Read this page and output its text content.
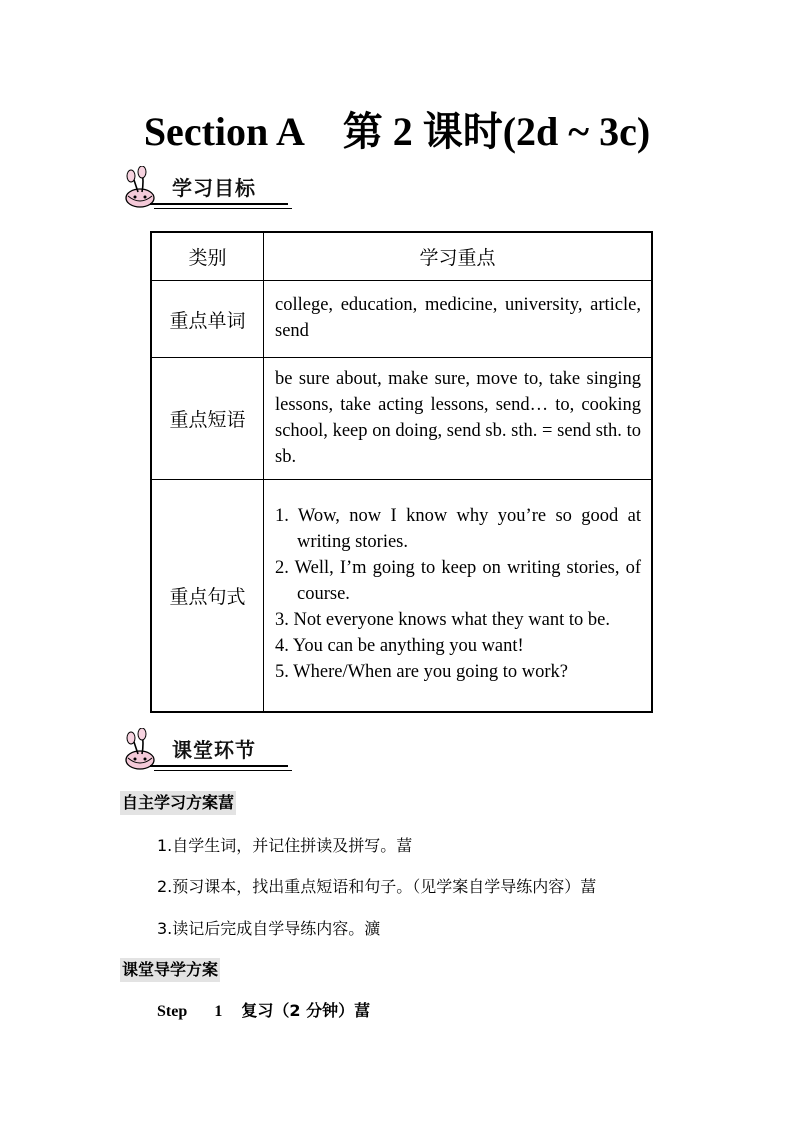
Section A    第 2 课时(2d ~ 3c)
学习目标
类别	学习重点
重点单词	college, education, medicine, university, article, send
重点短语	be sure about, make sure, move to, take singing lessons, take acting lessons, send… to, cooking school, keep on doing, send sb. sth. = send sth. to sb.
重点句式	1. Wow, now I know why you’re so good at writing stories.
2. Well, I’m going to keep on writing stories, of course.
3. Not everyone knows what they want to be.
4. You can be anything you want!
5. Where/When are you going to work?
课堂环节
自主学习方案葍
1.自学生词，并记住拼读及拼写。葍
2.预习课本，找出重点短语和句子。（见学案自学导练内容）葍
3.读记后完成自学导练内容。瀇
课堂导学方案
Step 1 复习（2 分钟）葍
